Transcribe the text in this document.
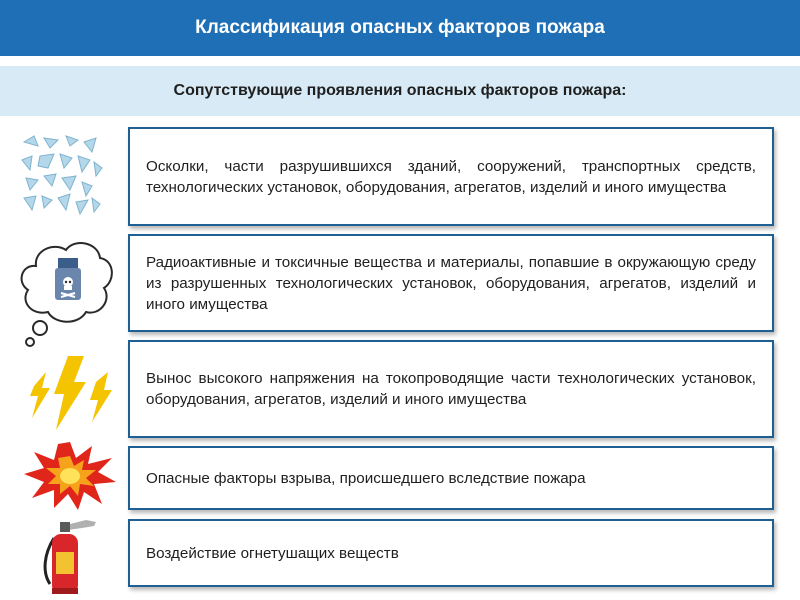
Классификация опасных факторов пожара
Сопутствующие проявления опасных факторов пожара:

Осколки, части разрушившихся зданий, сооружений, транспортных средств, технологических установок, оборудования, агрегатов, изделий и иного имущества

Радиоактивные и токсичные вещества и материалы, попавшие в окружающую среду из разрушенных технологических установок, оборудования, агрегатов, изделий и иного имущества

Вынос высокого напряжения на токопроводящие части технологических установок, оборудования, агрегатов, изделий и иного имущества

Опасные факторы взрыва, происшедшего вследствие пожара

Воздействие огнетушащих веществ
